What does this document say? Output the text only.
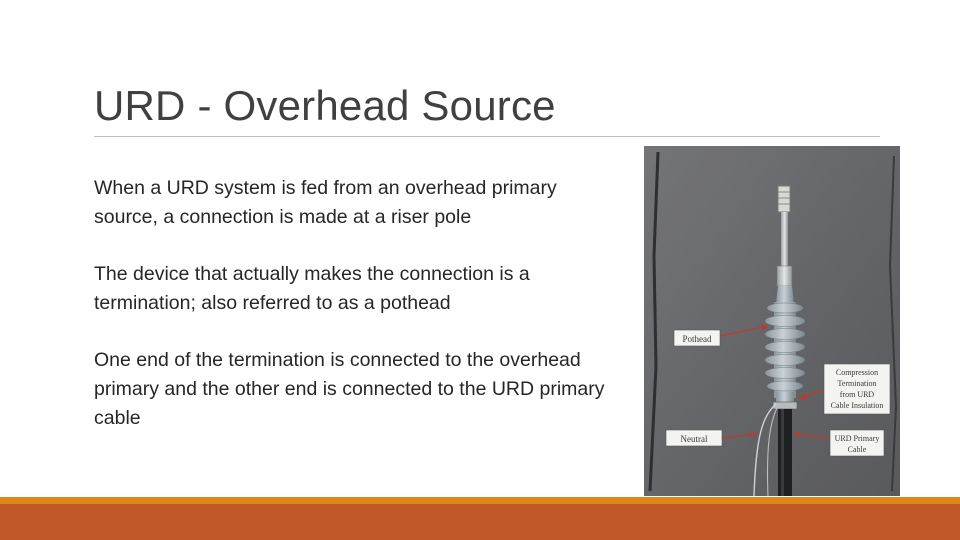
URD - Overhead Source

When a URD system is fed from an overhead primary source, a connection is made at a riser pole

The device that actually makes the connection is a termination; also referred to as a pothead

One end of the termination is connected to the overhead primary and the other end is connected to the URD primary cable

Pothead
Compression
Termination
from URD
Cable Insulation
Neutral	URD Primary
Cable
